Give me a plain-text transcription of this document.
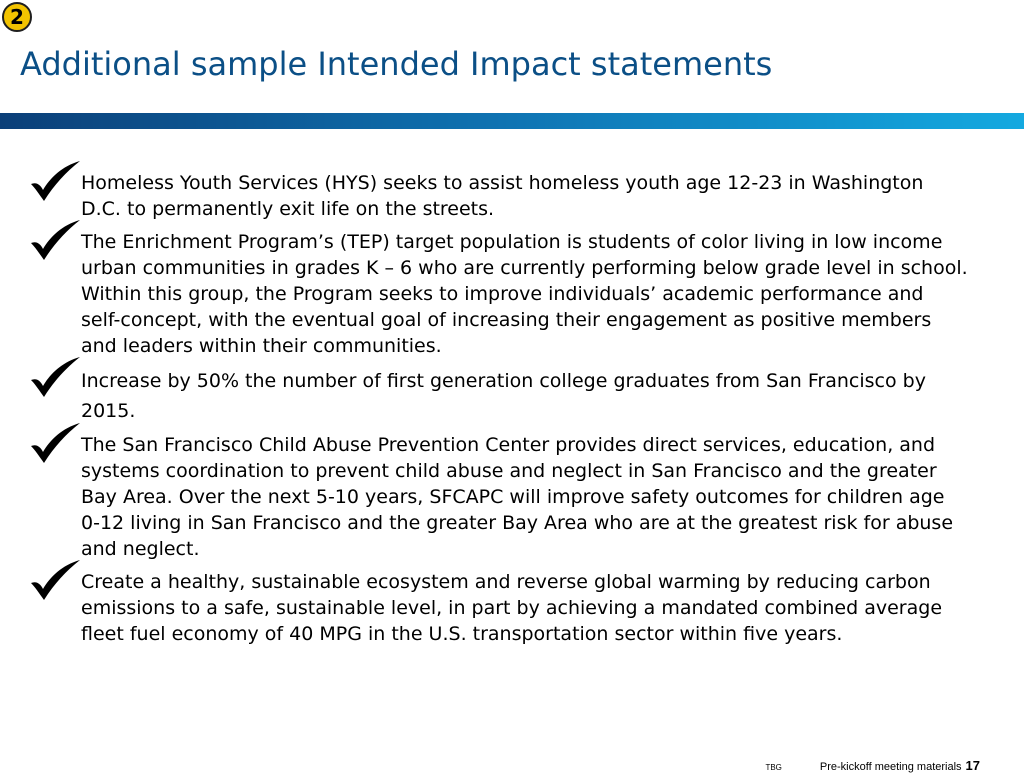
2
Additional sample Intended Impact statements
Homeless Youth Services (HYS) seeks to assist homeless youth age 12-23 in Washington D.C. to permanently exit life on the streets.
The Enrichment Program’s (TEP) target population is students of color living in low income urban communities in grades K – 6 who are currently performing below grade level in school. Within this group, the Program seeks to improve individuals’ academic performance and self-concept, with the eventual goal of increasing their engagement as positive members and leaders within their communities.
Increase by 50% the number of first generation college graduates from San Francisco by 2015.
The San Francisco Child Abuse Prevention Center provides direct services, education, and systems coordination to prevent child abuse and neglect in San Francisco and the greater Bay Area. Over the next 5-10 years, SFCAPC will improve safety outcomes for children age 0-12 living in San Francisco and the greater Bay Area who are at the greatest risk for abuse and neglect.
Create a healthy, sustainable ecosystem and reverse global warming by reducing carbon emissions to a safe, sustainable level, in part by achieving a mandated combined average fleet fuel economy of 40 MPG in the U.S. transportation sector within five years.
TBG	Pre-kickoff meeting materials 17
